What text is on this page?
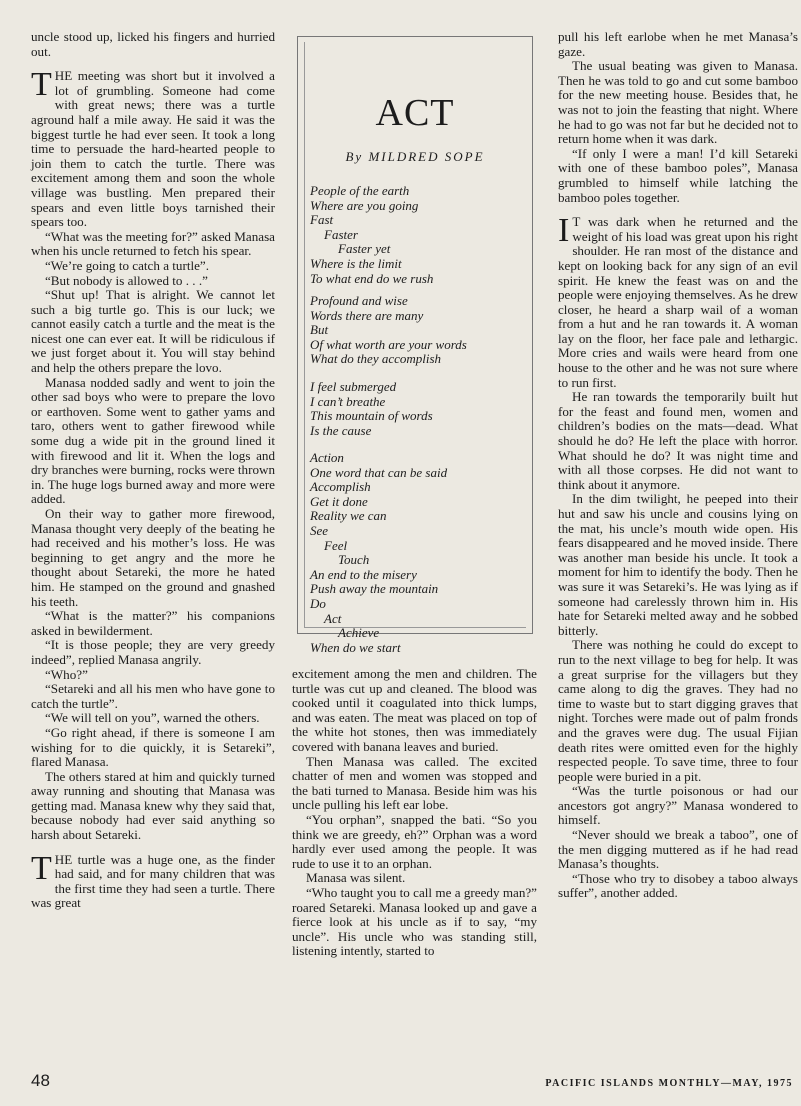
uncle stood up, licked his fingers and hurried out.

THE meeting was short but it involved a lot of grumbling. Someone had come with great news; there was a turtle aground half a mile away. He said it was the biggest turtle he had ever seen. It took a long time to persuade the hard-hearted people to join them to catch the turtle. There was excitement among them and soon the whole village was bustling. Men prepared their spears and even little boys tarnished their spears too.

“What was the meeting for?” asked Manasa when his uncle returned to fetch his spear.

“We’re going to catch a turtle”.

“But nobody is allowed to . . .”

“Shut up! That is alright. We cannot let such a big turtle go. This is our luck; we cannot easily catch a turtle and the meat is the nicest one can ever eat. It will be ridiculous if we just forget about it. You will stay behind and help the others prepare the lovo.

Manasa nodded sadly and went to join the other sad boys who were to prepare the lovo or earthoven. Some went to gather yams and taro, others went to gather firewood while some dug a wide pit in the ground lined it with firewood and lit it. When the logs and dry branches were burning, rocks were thrown in. The huge logs burned away and more were added.

On their way to gather more firewood, Manasa thought very deeply of the beating he had received and his mother’s loss. He was beginning to get angry and the more he thought about Setareki, the more he hated him. He stamped on the ground and gnashed his teeth.

“What is the matter?” his companions asked in bewilderment.

“It is those people; they are very greedy indeed”, replied Manasa angrily.

“Who?”

“Setareki and all his men who have gone to catch the turtle”.

“We will tell on you”, warned the others.

“Go right ahead, if there is someone I am wishing for to die quickly, it is Setareki”, flared Manasa.

The others stared at him and quickly turned away running and shouting that Manasa was getting mad. Manasa knew why they said that, because nobody had ever said anything so harsh about Setareki.

THE turtle was a huge one, as the finder had said, and for many children that was the first time they had seen a turtle. There was great

ACT
By MILDRED SOPE
People of the earth
Where are you going
Fast
Faster
Faster yet
Where is the limit
To what end do we rush
Profound and wise
Words there are many
But
Of what worth are your words
What do they accomplish
I feel submerged
I can’t breathe
This mountain of words
Is the cause
Action
One word that can be said
Accomplish
Get it done
Reality we can
See
Feel
Touch
An end to the misery
Push away the mountain
Do
Act
Achieve
When do we start

excitement among the men and children. The turtle was cut up and cleaned. The blood was cooked until it coagulated into thick lumps, and was eaten. The meat was placed on top of the white hot stones, then was immediately covered with banana leaves and buried.

Then Manasa was called. The excited chatter of men and women was stopped and the bati turned to Manasa. Beside him was his uncle pulling his left ear lobe.

“You orphan”, snapped the bati. “So you think we are greedy, eh?” Orphan was a word hardly ever used among the people. It was rude to use it to an orphan.

Manasa was silent.

“Who taught you to call me a greedy man?” roared Setareki. Manasa looked up and gave a fierce look at his uncle as if to say, “my uncle”. His uncle who was standing still, listening intently, started to

pull his left earlobe when he met Manasa’s gaze.

The usual beating was given to Manasa. Then he was told to go and cut some bamboo for the new meeting house. Besides that, he was not to join the feasting that night. Where he had to go was not far but he decided not to return home when it was dark.

“If only I were a man! I’d kill Setareki with one of these bamboo poles”, Manasa grumbled to himself while latching the bamboo poles together.

I T was dark when he returned and the weight of his load was great upon his right shoulder. He ran most of the distance and kept on looking back for any sign of an evil spirit. He knew the feast was on and the people were enjoying themselves. As he drew closer, he heard a sharp wail of a woman from a hut and he ran towards it. A woman lay on the floor, her face pale and lethargic. More cries and wails were heard from one house to the other and he was not sure where to run first.

He ran towards the temporarily built hut for the feast and found men, women and children’s bodies on the mats—dead. What should he do? He left the place with horror. What should he do? It was night time and with all those corpses. He did not want to think about it anymore.

In the dim twilight, he peeped into their hut and saw his uncle and cousins lying on the mat, his uncle’s mouth wide open. His fears disappeared and he moved inside. There was another man beside his uncle. It took a moment for him to identify the body. Then he was sure it was Setareki’s. He was lying as if someone had carelessly thrown him in. His hate for Setareki melted away and he sobbed bitterly.

There was nothing he could do except to run to the next village to beg for help. It was a great surprise for the villagers but they came along to dig the graves. They had no time to waste but to start digging graves that night. Torches were made out of palm fronds and the graves were dug. The usual Fijian death rites were omitted even for the highly respected people. To save time, three to four people were buried in a pit.

“Was the turtle poisonous or had our ancestors got angry?” Manasa wondered to himself.

“Never should we break a taboo”, one of the men digging muttered as if he had read Manasa’s thoughts.

“Those who try to disobey a taboo always suffer”, another added.

48	PACIFIC ISLANDS MONTHLY—MAY, 1975
